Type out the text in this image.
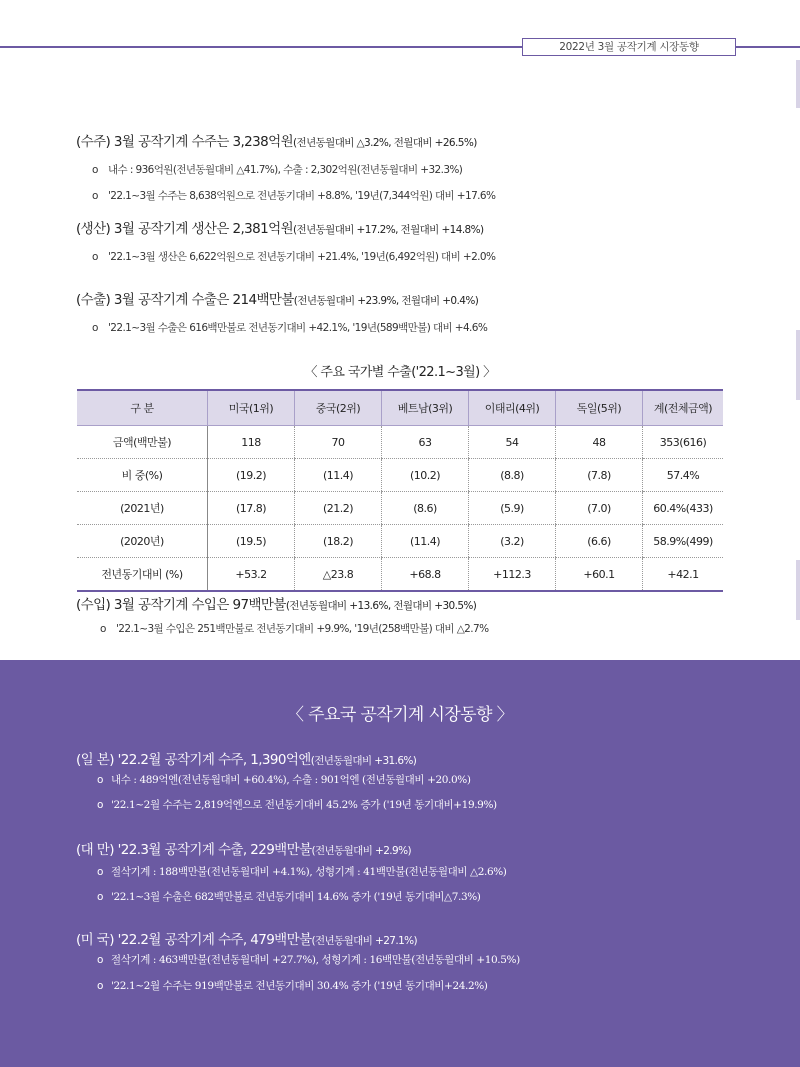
2022년 3월 공작기계 시장동향
(수주) 3월 공작기계 수주는 3,238억원(전년동월대비 △3.2%, 전월대비 +26.5%)
o 내수 : 936억원(전년동월대비 △41.7%), 수출 : 2,302억원(전년동월대비 +32.3%)
o '22.1~3월 수주는 8,638억원으로 전년동기대비 +8.8%, '19년(7,344억원) 대비 +17.6%
(생산) 3월 공작기계 생산은 2,381억원(전년동월대비 +17.2%, 전월대비 +14.8%)
o '22.1~3월 생산은 6,622억원으로 전년동기대비 +21.4%, '19년(6,492억원) 대비 +2.0%
(수출) 3월 공작기계 수출은 214백만불(전년동월대비 +23.9%, 전월대비 +0.4%)
o '22.1~3월 수출은 616백만불로 전년동기대비 +42.1%, '19년(589백만불) 대비 +4.6%
〈 주요 국가별 수출('22.1~3월) 〉
구 분	미국(1위)	중국(2위)	베트남(3위)	이태리(4위)	독일(5위)	계(전체금액)
금액(백만불)	118	70	63	54	48	353(616)
비 중(%)	(19.2)	(11.4)	(10.2)	(8.8)	(7.8)	57.4%
(2021년)	(17.8)	(21.2)	(8.6)	(5.9)	(7.0)	60.4%(433)
(2020년)	(19.5)	(18.2)	(11.4)	(3.2)	(6.6)	58.9%(499)
전년동기대비 (%)	+53.2	△23.8	+68.8	+112.3	+60.1	+42.1
(수입) 3월 공작기계 수입은 97백만불(전년동월대비 +13.6%, 전월대비 +30.5%)
o '22.1~3월 수입은 251백만불로 전년동기대비 +9.9%, '19년(258백만불) 대비 △2.7%
〈 주요국 공작기계 시장동향 〉
(일 본) '22.2월 공작기계 수주, 1,390억엔(전년동월대비 +31.6%)
o 내수 : 489억엔(전년동월대비 +60.4%), 수출 : 901억엔 (전년동월대비 +20.0%)
o '22.1~2월 수주는 2,819억엔으로 전년동기대비 45.2% 증가 ('19년 동기대비+19.9%)
(대 만) '22.3월 공작기계 수출, 229백만불(전년동월대비 +2.9%)
o 절삭기계 : 188백만불(전년동월대비 +4.1%), 성형기계 : 41백만불(전년동월대비 △2.6%)
o '22.1~3월 수출은 682백만불로 전년동기대비 14.6% 증가 ('19년 동기대비△7.3%)
(미 국) '22.2월 공작기계 수주, 479백만불(전년동월대비 +27.1%)
o 절삭기계 : 463백만불(전년동월대비 +27.7%), 성형기계 : 16백만불(전년동월대비 +10.5%)
o '22.1~2월 수주는 919백만불로 전년동기대비 30.4% 증가 ('19년 동기대비+24.2%)
